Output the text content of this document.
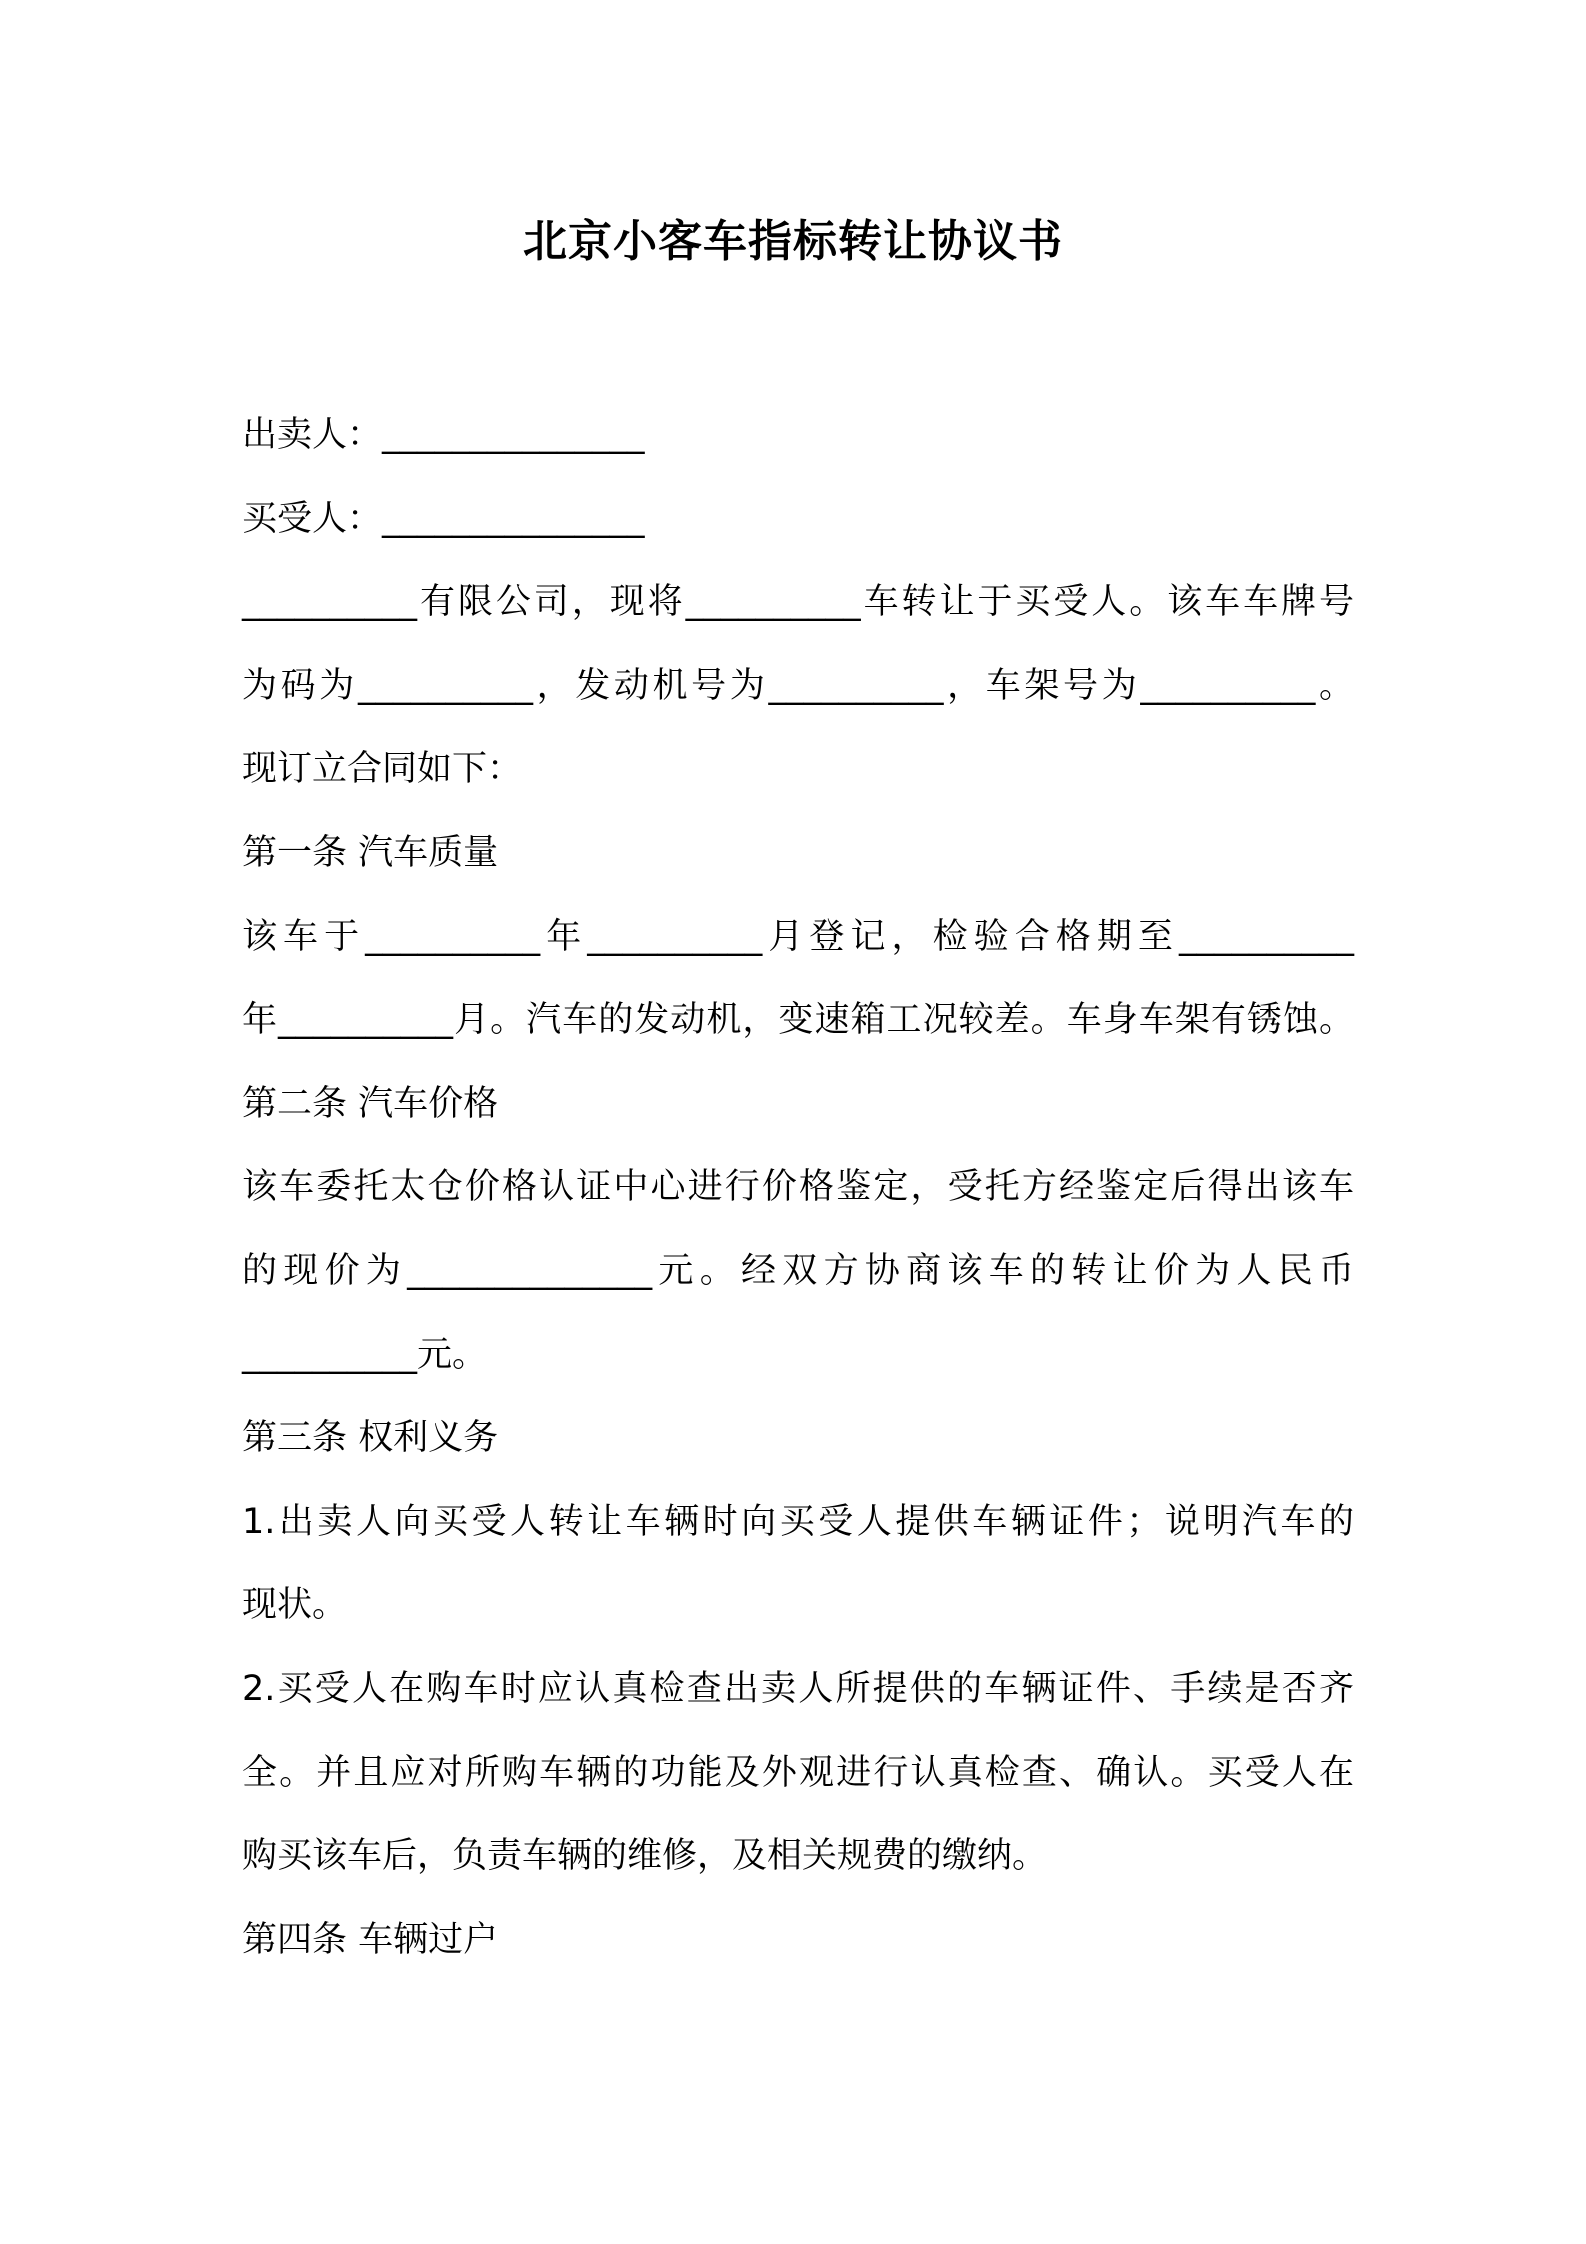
北京小客车指标转让协议书
出卖人：_______________
买受人：_______________
__________有限公司，现将__________车转让于买受人。该车车牌号
为码为__________，发动机号为__________，车架号为__________。
现订立合同如下：
第一条 汽车质量
该车于__________年__________月登记，检验合格期至__________
年__________月。汽车的发动机，变速箱工况较差。车身车架有锈蚀。
第二条 汽车价格
该车委托太仓价格认证中心进行价格鉴定，受托方经鉴定后得出该车
的现价为______________元。经双方协商该车的转让价为人民币
__________元。
第三条 权利义务
1.出卖人向买受人转让车辆时向买受人提供车辆证件；说明汽车的
现状。
2.买受人在购车时应认真检查出卖人所提供的车辆证件、手续是否齐
全。并且应对所购车辆的功能及外观进行认真检查、确认。买受人在
购买该车后，负责车辆的维修，及相关规费的缴纳。
第四条 车辆过户
